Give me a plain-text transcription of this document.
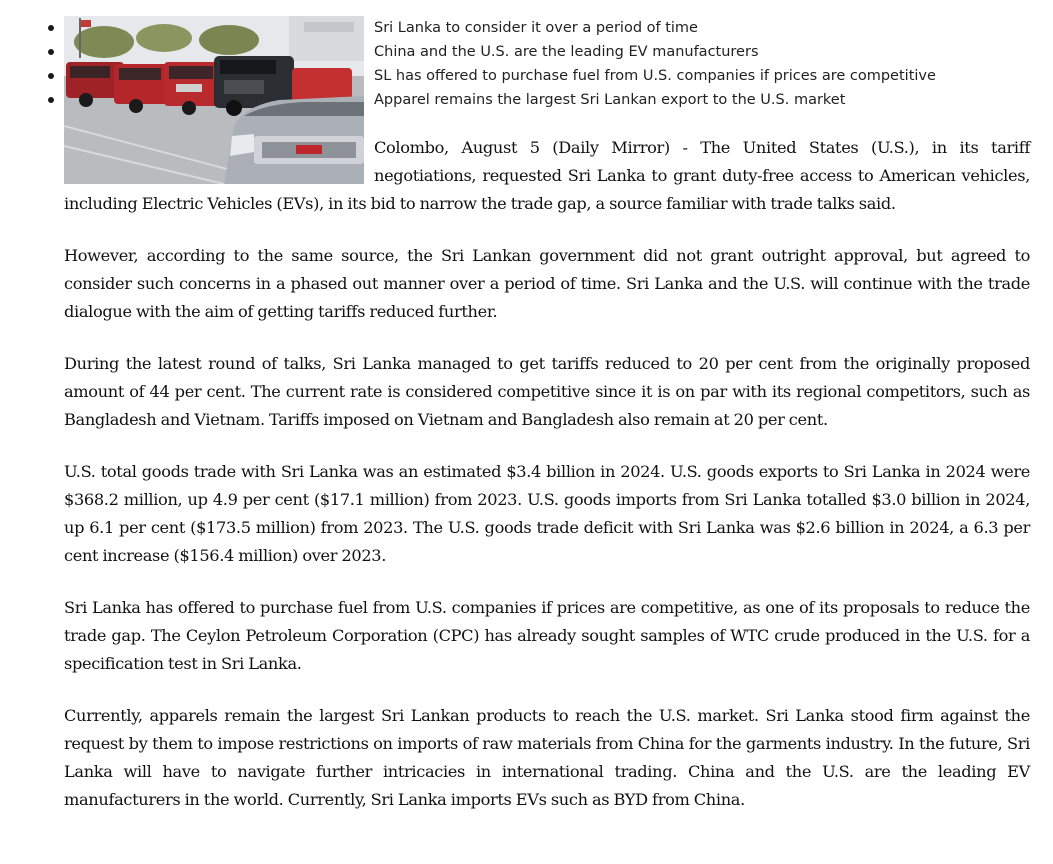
Sri Lanka to consider it over a period of time
China and the U.S. are the leading EV manufacturers
SL has offered to purchase fuel from U.S. companies if prices are competitive
Apparel remains the largest Sri Lankan export to the U.S. market

Colombo, August 5 (Daily Mirror) - The United States (U.S.), in its tariff negotiations, requested Sri Lanka to grant duty-free access to American vehicles, including Electric Vehicles (EVs), in its bid to narrow the trade gap, a source familiar with trade talks said.

However, according to the same source, the Sri Lankan government did not grant outright approval, but agreed to consider such concerns in a phased out manner over a period of time. Sri Lanka and the U.S. will continue with the trade dialogue with the aim of getting tariffs reduced further.

During the latest round of talks, Sri Lanka managed to get tariffs reduced to 20 per cent from the originally proposed amount of 44 per cent. The current rate is considered competitive since it is on par with its regional competitors, such as Bangladesh and Vietnam. Tariffs imposed on Vietnam and Bangladesh also remain at 20 per cent.

U.S. total goods trade with Sri Lanka was an estimated $3.4 billion in 2024. U.S. goods exports to Sri Lanka in 2024 were $368.2 million, up 4.9 per cent ($17.1 million) from 2023. U.S. goods imports from Sri Lanka totalled $3.0 billion in 2024, up 6.1 per cent ($173.5 million) from 2023. The U.S. goods trade deficit with Sri Lanka was $2.6 billion in 2024, a 6.3 per cent increase ($156.4 million) over 2023.

Sri Lanka has offered to purchase fuel from U.S. companies if prices are competitive, as one of its proposals to reduce the trade gap. The Ceylon Petroleum Corporation (CPC) has already sought samples of WTC crude produced in the U.S. for a specification test in Sri Lanka.

Currently, apparels remain the largest Sri Lankan products to reach the U.S. market. Sri Lanka stood firm against the request by them to impose restrictions on imports of raw materials from China for the garments industry. In the future, Sri Lanka will have to navigate further intricacies in international trading. China and the U.S. are the leading EV manufacturers in the world. Currently, Sri Lanka imports EVs such as BYD from China.
